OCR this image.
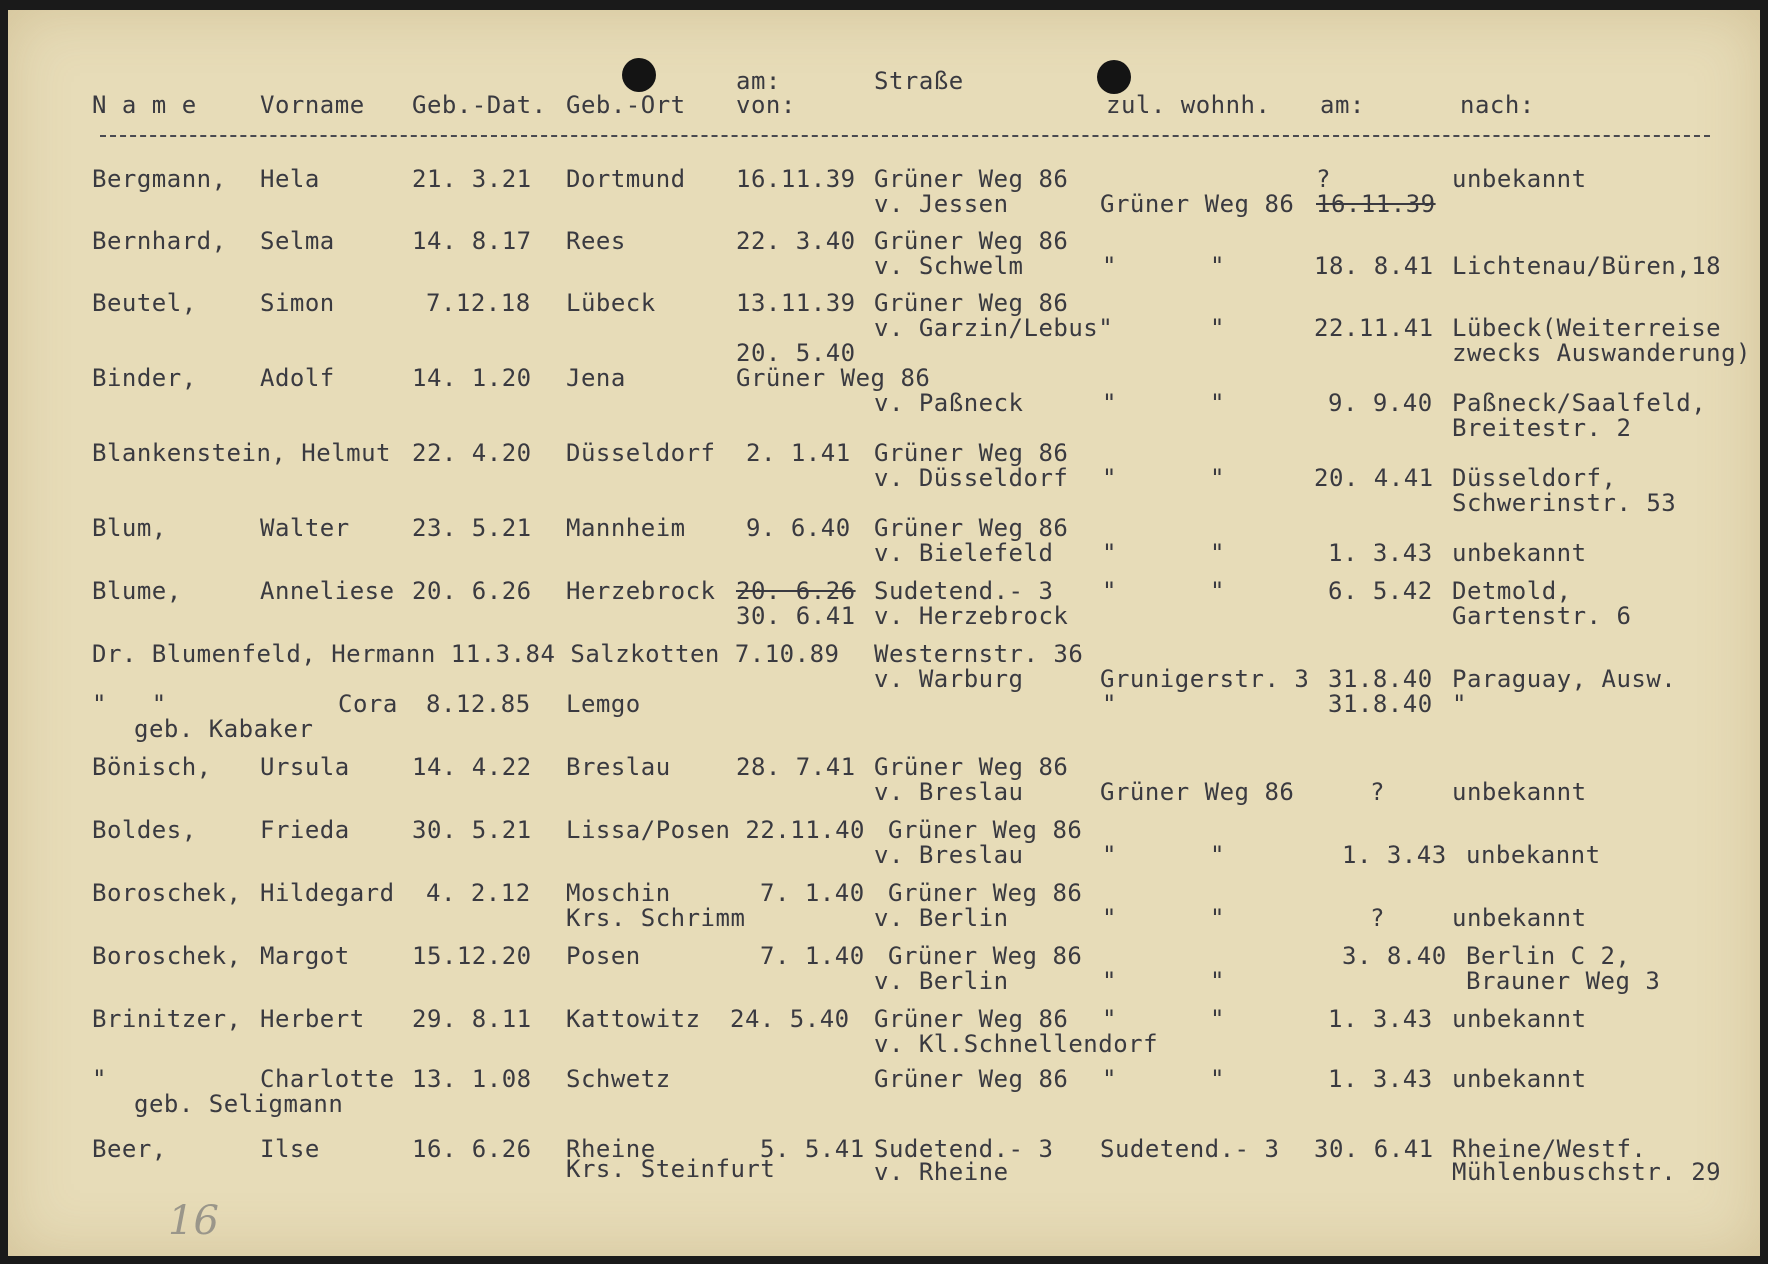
N a m e	Vorname Geb.-Dat. Geb.-Ort
am:
von:
Straße
zul. wohnh. am:	nach:
Bergmann, Hela	21. 3.21 Dortmund 16.11.39 Grüner Weg 86	?	unbekannt
v. Jessen	Grüner Weg 86 16.11.39
Bernhard, Selma	14. 8.17 Rees	22. 3.40 Grüner Weg 86
v. Schwelm	"	"	18. 8.41 Lichtenau/Büren,18
Beutel,	Simon	7.12.18 Lübeck	13.11.39 Grüner Weg 86
v. Garzin/Lebus"	"	22.11.41 Lübeck(Weiterreise
20. 5.40	zwecks Auswanderung)
Binder,	Adolf	14. 1.20 Jena	Grüner Weg 86
v. Paßneck	"	"	9. 9.40 Paßneck/Saalfeld,
Breitestr. 2
Blankenstein, Helmut 22. 4.20 Düsseldorf 2. 1.41 Grüner Weg 86
v. Düsseldorf "	"	20. 4.41 Düsseldorf,
Schwerinstr. 53
Blum,	Walter	23. 5.21 Mannheim	9. 6.40 Grüner Weg 86
v. Bielefeld "	"	1. 3.43 unbekannt
Blume,	Anneliese 20. 6.26 Herzebrock 20. 6.26 Sudetend.- 3 "	"	6. 5.42 Detmold,
30. 6.41 v. Herzebrock	Gartenstr. 6
Dr. Blumenfeld, Hermann 11.3.84 Salzkotten 7.10.89 Westernstr. 36
v. Warburg	Grunigerstr. 3 31.8.40 Paraguay, Ausw.
"   "	Cora 8.12.85 Lemgo	"	31.8.40 "
geb. Kabaker
Bönisch, Ursula	14. 4.22 Breslau	28. 7.41 Grüner Weg 86
v. Breslau	Grüner Weg 86	?	unbekannt
Boldes,	Frieda	30. 5.21 Lissa/Posen 22.11.40 Grüner Weg 86
v. Breslau	"	"	1. 3.43 unbekannt
Boroschek, Hildegard 4. 2.12 Moschin	7. 1.40 Grüner Weg 86
Krs. Schrimm	v. Berlin	"	"	?	unbekannt
Boroschek, Margot	15.12.20 Posen	7. 1.40 Grüner Weg 86	3. 8.40 Berlin C 2,
v. Berlin	"	"	Brauner Weg 3
Brinitzer, Herbert 29. 8.11 Kattowitz 24. 5.40 Grüner Weg 86 "	"	1. 3.43 unbekannt
v. Kl.Schnellendorf
"	Charlotte 13. 1.08 Schwetz	Grüner Weg 86 "	"	1. 3.43 unbekannt
geb. Seligmann
Beer,	Ilse	16. 6.26 Rheine	5. 5.41 Sudetend.- 3 Sudetend.- 3 30. 6.41 Rheine/Westf.
Krs. Steinfurt	v. Rheine	Mühlenbuschstr. 29
16
